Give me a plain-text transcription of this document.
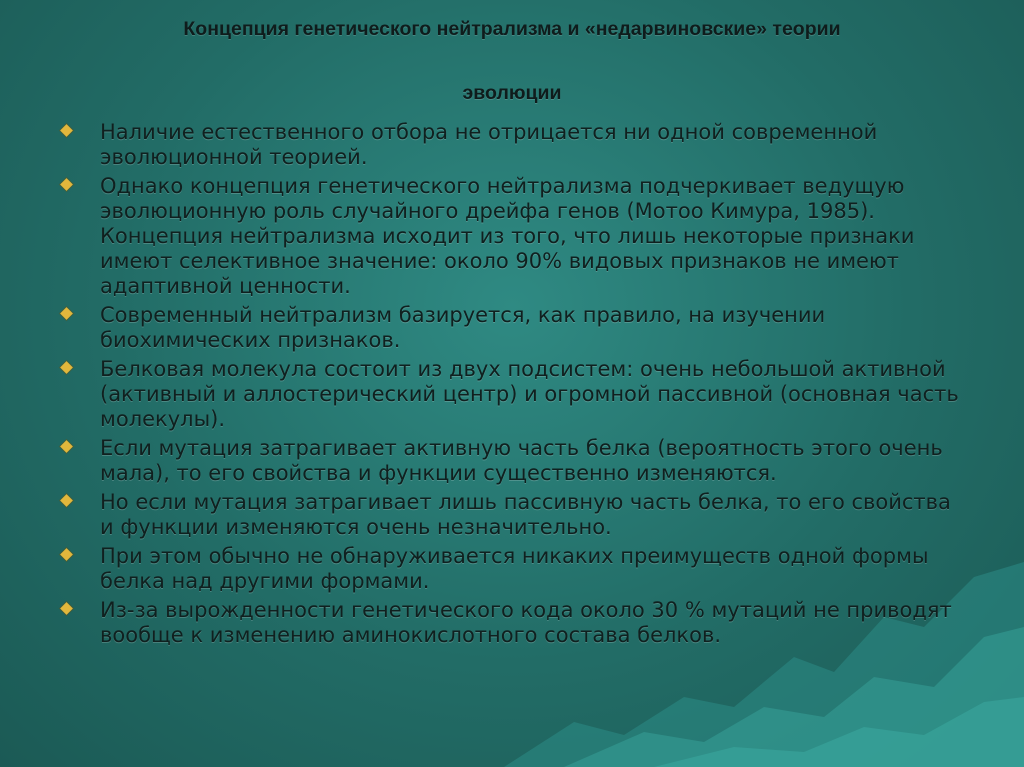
Концепция генетического нейтрализма и «недарвиновские» теории
эволюции
Наличие естественного отбора не отрицается ни одной современной эволюционной теорией.
Однако концепция генетического нейтрализма подчеркивает ведущую эволюционную роль случайного дрейфа генов (Мотоо Кимура, 1985). Концепция нейтрализма исходит из того, что лишь некоторые признаки имеют селективное значение: около 90% видовых признаков не имеют адаптивной ценности.
Современный нейтрализм базируется, как правило, на изучении биохимических признаков.
Белковая молекула состоит из двух подсистем: очень небольшой активной (активный и аллостерический центр) и огромной пассивной (основная часть молекулы).
Если мутация затрагивает активную часть белка (вероятность этого очень мала), то его свойства и функции существенно изменяются.
Но если мутация затрагивает лишь пассивную часть белка, то его свойства и функции изменяются очень незначительно.
При этом обычно не обнаруживается никаких преимуществ одной формы белка над другими формами.
Из-за вырожденности генетического кода около 30 % мутаций не приводят вообще к изменению аминокислотного состава белков.
